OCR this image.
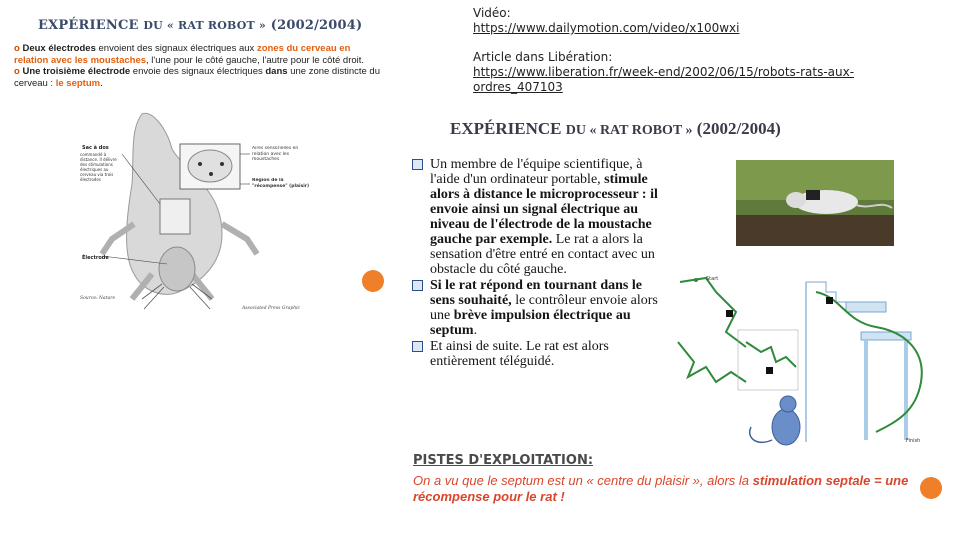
EXPÉRIENCE DU « RAT ROBOT » (2002/2004)
o Deux électrodes envoient des signaux électriques aux zones du cerveau en relation avec les moustaches, l'une pour le côté gauche, l'autre pour le côté droit.
o Une troisième électrode envoie des signaux électriques dans une zone distincte du cerveau : le septum.
Sac à dos
commandé à distance. Il délivre des stimulations électriques au cerveau via trois électrodes
Aires sensorielles en relation avec les moustaches
Région de la "récompense" (plaisir)
Électrode
Source: Nature
Associated Press Graphic
Vidéo:
https://www.dailymotion.com/video/x100wxi
Article dans Libération:
https://www.liberation.fr/week-end/2002/06/15/robots-rats-aux-ordres_407103
EXPÉRIENCE DU « RAT ROBOT » (2002/2004)

Un membre de l'équipe scientifique, à l'aide d'un ordinateur portable, stimule alors à distance le microprocesseur : il envoie ainsi un signal électrique au niveau de l'électrode de la moustache gauche par exemple. Le rat a alors la sensation d'être entré en contact avec un obstacle du côté gauche.

Si le rat répond en tournant dans le sens souhaité, le contrôleur envoie alors une brève impulsion électrique au septum.

Et ainsi de suite. Le rat est alors entièrement téléguidé.

Start
Finish
PISTES D'EXPLOITATION:
On a vu que le septum est un « centre du plaisir », alors la stimulation septale = une récompense pour le rat !
